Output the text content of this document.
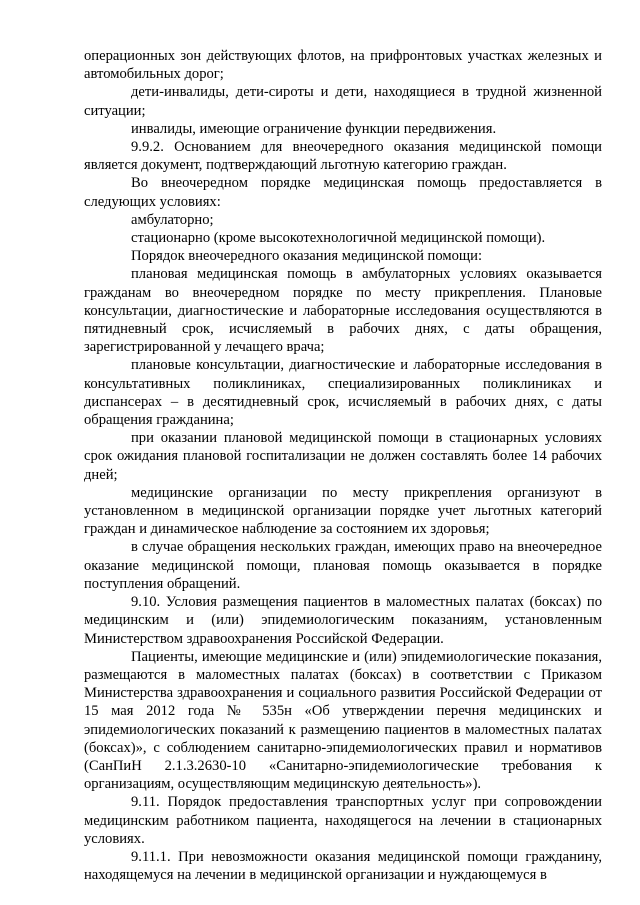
операционных зон действующих флотов, на прифронтовых участках железных и автомобильных дорог;

дети-инвалиды, дети-сироты и дети, находящиеся в трудной жизненной ситуации;

инвалиды, имеющие ограничение функции передвижения.

9.9.2. Основанием для внеочередного оказания медицинской помощи является документ, подтверждающий льготную категорию граждан.

Во внеочередном порядке медицинская помощь предоставляется в следующих условиях:

амбулаторно;

стационарно (кроме высокотехнологичной медицинской помощи).

Порядок внеочередного оказания медицинской помощи:

плановая медицинская помощь в амбулаторных условиях оказывается гражданам во внеочередном порядке по месту прикрепления. Плановые консультации, диагностические и лабораторные исследования осуществляются в пятидневный срок, исчисляемый в рабочих днях, с даты обращения, зарегистрированной у лечащего врача;

плановые консультации, диагностические и лабораторные исследования в консультативных поликлиниках, специализированных поликлиниках и диспансерах – в десятидневный срок, исчисляемый в рабочих днях, с даты обращения гражданина;

при оказании плановой медицинской помощи в стационарных условиях срок ожидания плановой госпитализации не должен составлять более 14 рабочих дней;

медицинские организации по месту прикрепления организуют в установленном в медицинской организации порядке учет льготных категорий граждан и динамическое наблюдение за состоянием их здоровья;

в случае обращения нескольких граждан, имеющих право на внеочередное оказание медицинской помощи, плановая помощь оказывается в порядке поступления обращений.

9.10. Условия размещения пациентов в маломестных палатах (боксах) по медицинским и (или) эпидемиологическим показаниям, установленным Министерством здравоохранения Российской Федерации.

Пациенты, имеющие медицинские и (или) эпидемиологические показания, размещаются в маломестных палатах (боксах) в соответствии с Приказом Министерства здравоохранения и социального развития Российской Федерации от 15 мая 2012 года № 535н «Об утверждении перечня медицинских и эпидемиологических показаний к размещению пациентов в маломестных палатах (боксах)», с соблюдением санитарно-эпидемиологических правил и нормативов (СанПиН 2.1.3.2630-10 «Санитарно-эпидемиологические требования к организациям, осуществляющим медицинскую деятельность»).

9.11. Порядок предоставления транспортных услуг при сопровождении медицинским работником пациента, находящегося на лечении в стационарных условиях.

9.11.1. При невозможности оказания медицинской помощи гражданину, находящемуся на лечении в медицинской организации и нуждающемуся в
